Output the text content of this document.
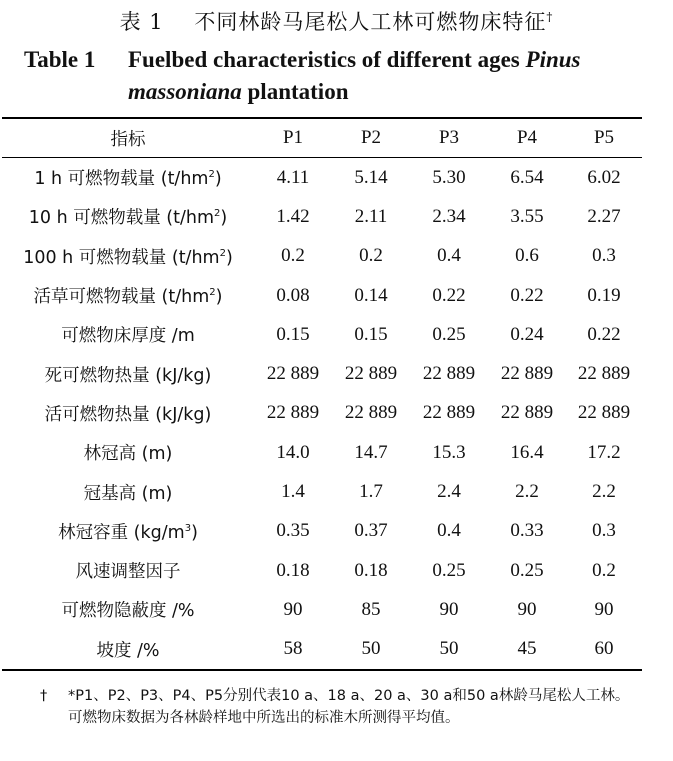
表 1 不同林龄马尾松人工林可燃物床特征†
Table 1 Fuelbed characteristics of different ages Pinus
massoniana plantation
指标	P1	P2	P3	P4	P5
1 h 可燃物载量 $(t/hm^2)$	4.11	5.14	5.30	6.54	6.02
10 h 可燃物载量 $(t/hm^2)$	1.42	2.11	2.34	3.55	2.27
100 h 可燃物载量 $(t/hm^2)$	0.2	0.2	0.4	0.6	0.3
活草可燃物载量 $(t/hm^2)$	0.08	0.14	0.22	0.22	0.19
可燃物床厚度 /m	0.15	0.15	0.25	0.24	0.22
死可燃物热量 (kJ/kg)	22 889	22 889	22 889	22 889	22 889
活可燃物热量 (kJ/kg)	22 889	22 889	22 889	22 889	22 889
林冠高 (m)	14.0	14.7	15.3	16.4	17.2
冠基高 (m)	1.4	1.7	2.4	2.2	2.2
林冠容重 $(kg/m^3)$	0.35	0.37	0.4	0.33	0.3
风速调整因子	0.18	0.18	0.25	0.25	0.2
可燃物隐蔽度 /%	90	85	90	90	90
坡度 /%	58	50	50	45	60
†	*P1、P2、P3、P4、P5分别代表10 a、18 a、20 a、30 a和50 a林龄马尾松人工林。可燃物床数据为各林龄样地中所选出的标准木所测得平均值。
